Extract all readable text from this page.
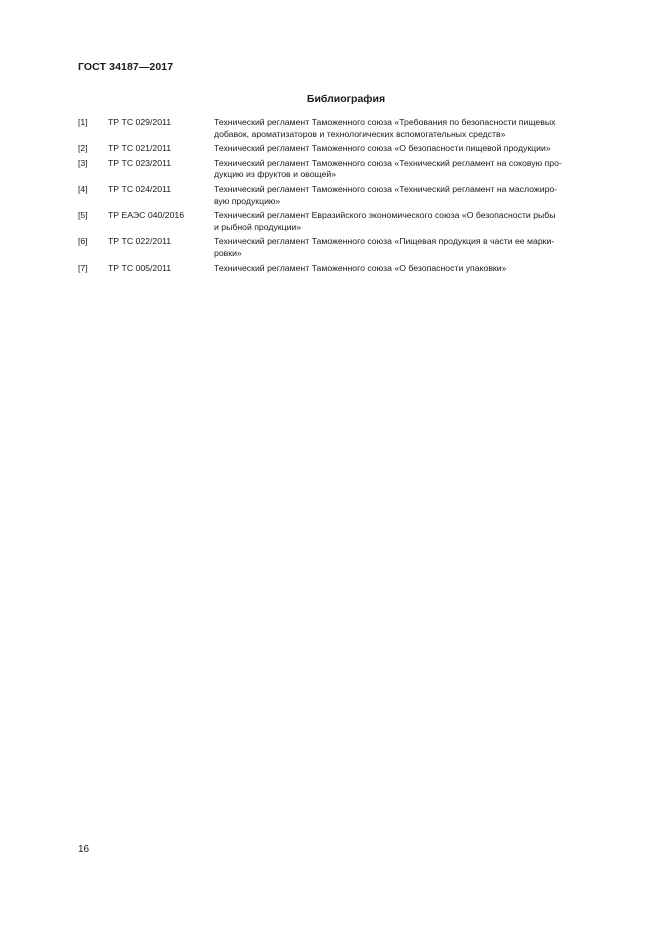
ГОСТ 34187—2017
Библиография
[1]	ТР ТС 029/2011	Технический регламент Таможенного союза «Требования по безопасности пищевых
добавок, ароматизаторов и технологических вспомогательных средств»
[2]	ТР ТС 021/2011	Технический регламент Таможенного союза «О безопасности пищевой продукции»
[3]	ТР ТС 023/2011	Технический регламент Таможенного союза «Технический регламент на соковую про-
дукцию из фруктов и овощей»
[4]	ТР ТС 024/2011	Технический регламент Таможенного союза «Технический регламент на масложиро-
вую продукцию»
[5]	ТР ЕАЭС 040/2016	Технический регламент Евразийского экономического союза «О безопасности рыбы
и рыбной продукции»
[6]	ТР ТС 022/2011	Технический регламент Таможенного союза «Пищевая продукция в части ее марки-
ровки»
[7]	ТР ТС 005/2011	Технический регламент Таможенного союза «О безопасности упаковки»
16
